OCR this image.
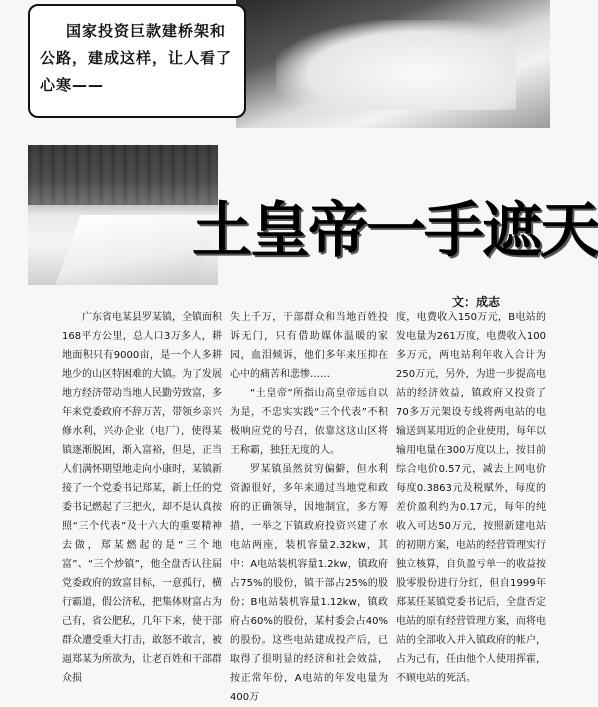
国家投资巨款建桥架和公路，建成这样，让人看了心寒——

土皇帝一手遮天
文：成志

广东省电某县罗某镇，全镇面积168平方公里，总人口3万多人，耕地面积只有9000亩，是一个人多耕地少的山区特困难的大镇。为了发展地方经济带动当地人民勤劳致富，多年来党委政府不辞万苦，带领乡亲兴修水利，兴办企业（电厂），使得某镇逐渐脱困，渐入富裕，但是，正当人们满怀期望地走向小康时，某镇新接了一个党委书记郑某，新上任的党委书记燃起了三把火，却不是认真按照“三个代表”及十六大的重要精神去做，郑某燃起的是“三个地富”、“三个炒镇”，他全盘否认往届党委政府的致富目标，一意孤行，横行霸道，假公济私，把集体财富占为己有，省公肥私，几年下来，使干部群众遭受重大打击，敢怒不敢言，被逼郑某为所欲为，让老百姓和干部群众损

失上千万，干部群众和当地百姓投诉无门，只有借助媒体温暖的家园，血泪倾诉，他们多年来压抑在心中的痛苦和悲惨……

“土皇帝”所指山高皇帝远自以为是，不忠实实践“三个代表”不积极响应党的号召，依靠这这山区将王称霸，独狂无度的人。

罗某镇虽然贫穷偏僻，但水利资源很好，多年来通过当地党和政府的正确领导，因地制宜，多方筹措，一举之下镇政府投资兴建了水电站两座，装机容量2.32kw，其中：A电站装机容量1.2kw，镇政府占75%的股份，镇干部占25%的股份；B电站装机容量1.12kw，镇政府占60%的股份，某村委会占40%的股份。这些电站建成投产后，已取得了很明显的经济和社会效益，按正常年份，A电站的年发电量为400万

度，电费收入150万元，B电站的发电量为261万度，电费收入100多万元，两电站利年收入合计为250万元，另外，为进一步提高电站的经济效益，镇政府又投资了70多万元架设专线将两电站的电输送到某用近的企业使用，每年以输用电量在300万度以上，按目前综合电价0.57元，减去上网电价每度0.3863元及税赋外，每度的差价盈利约为0.17元，每年的纯收入可达50万元，按照新建电站的初期方案，电站的经营管理实行独立核算，自负盈亏单一的收益按股零股份进行分红，但自1999年郑某任某镇党委书记后，全盘否定电站的原有经营管理方案，而将电站的全部收入并入镇政府的帐户，占为己有，任由他个人使用挥霍，不顾电站的死活。
